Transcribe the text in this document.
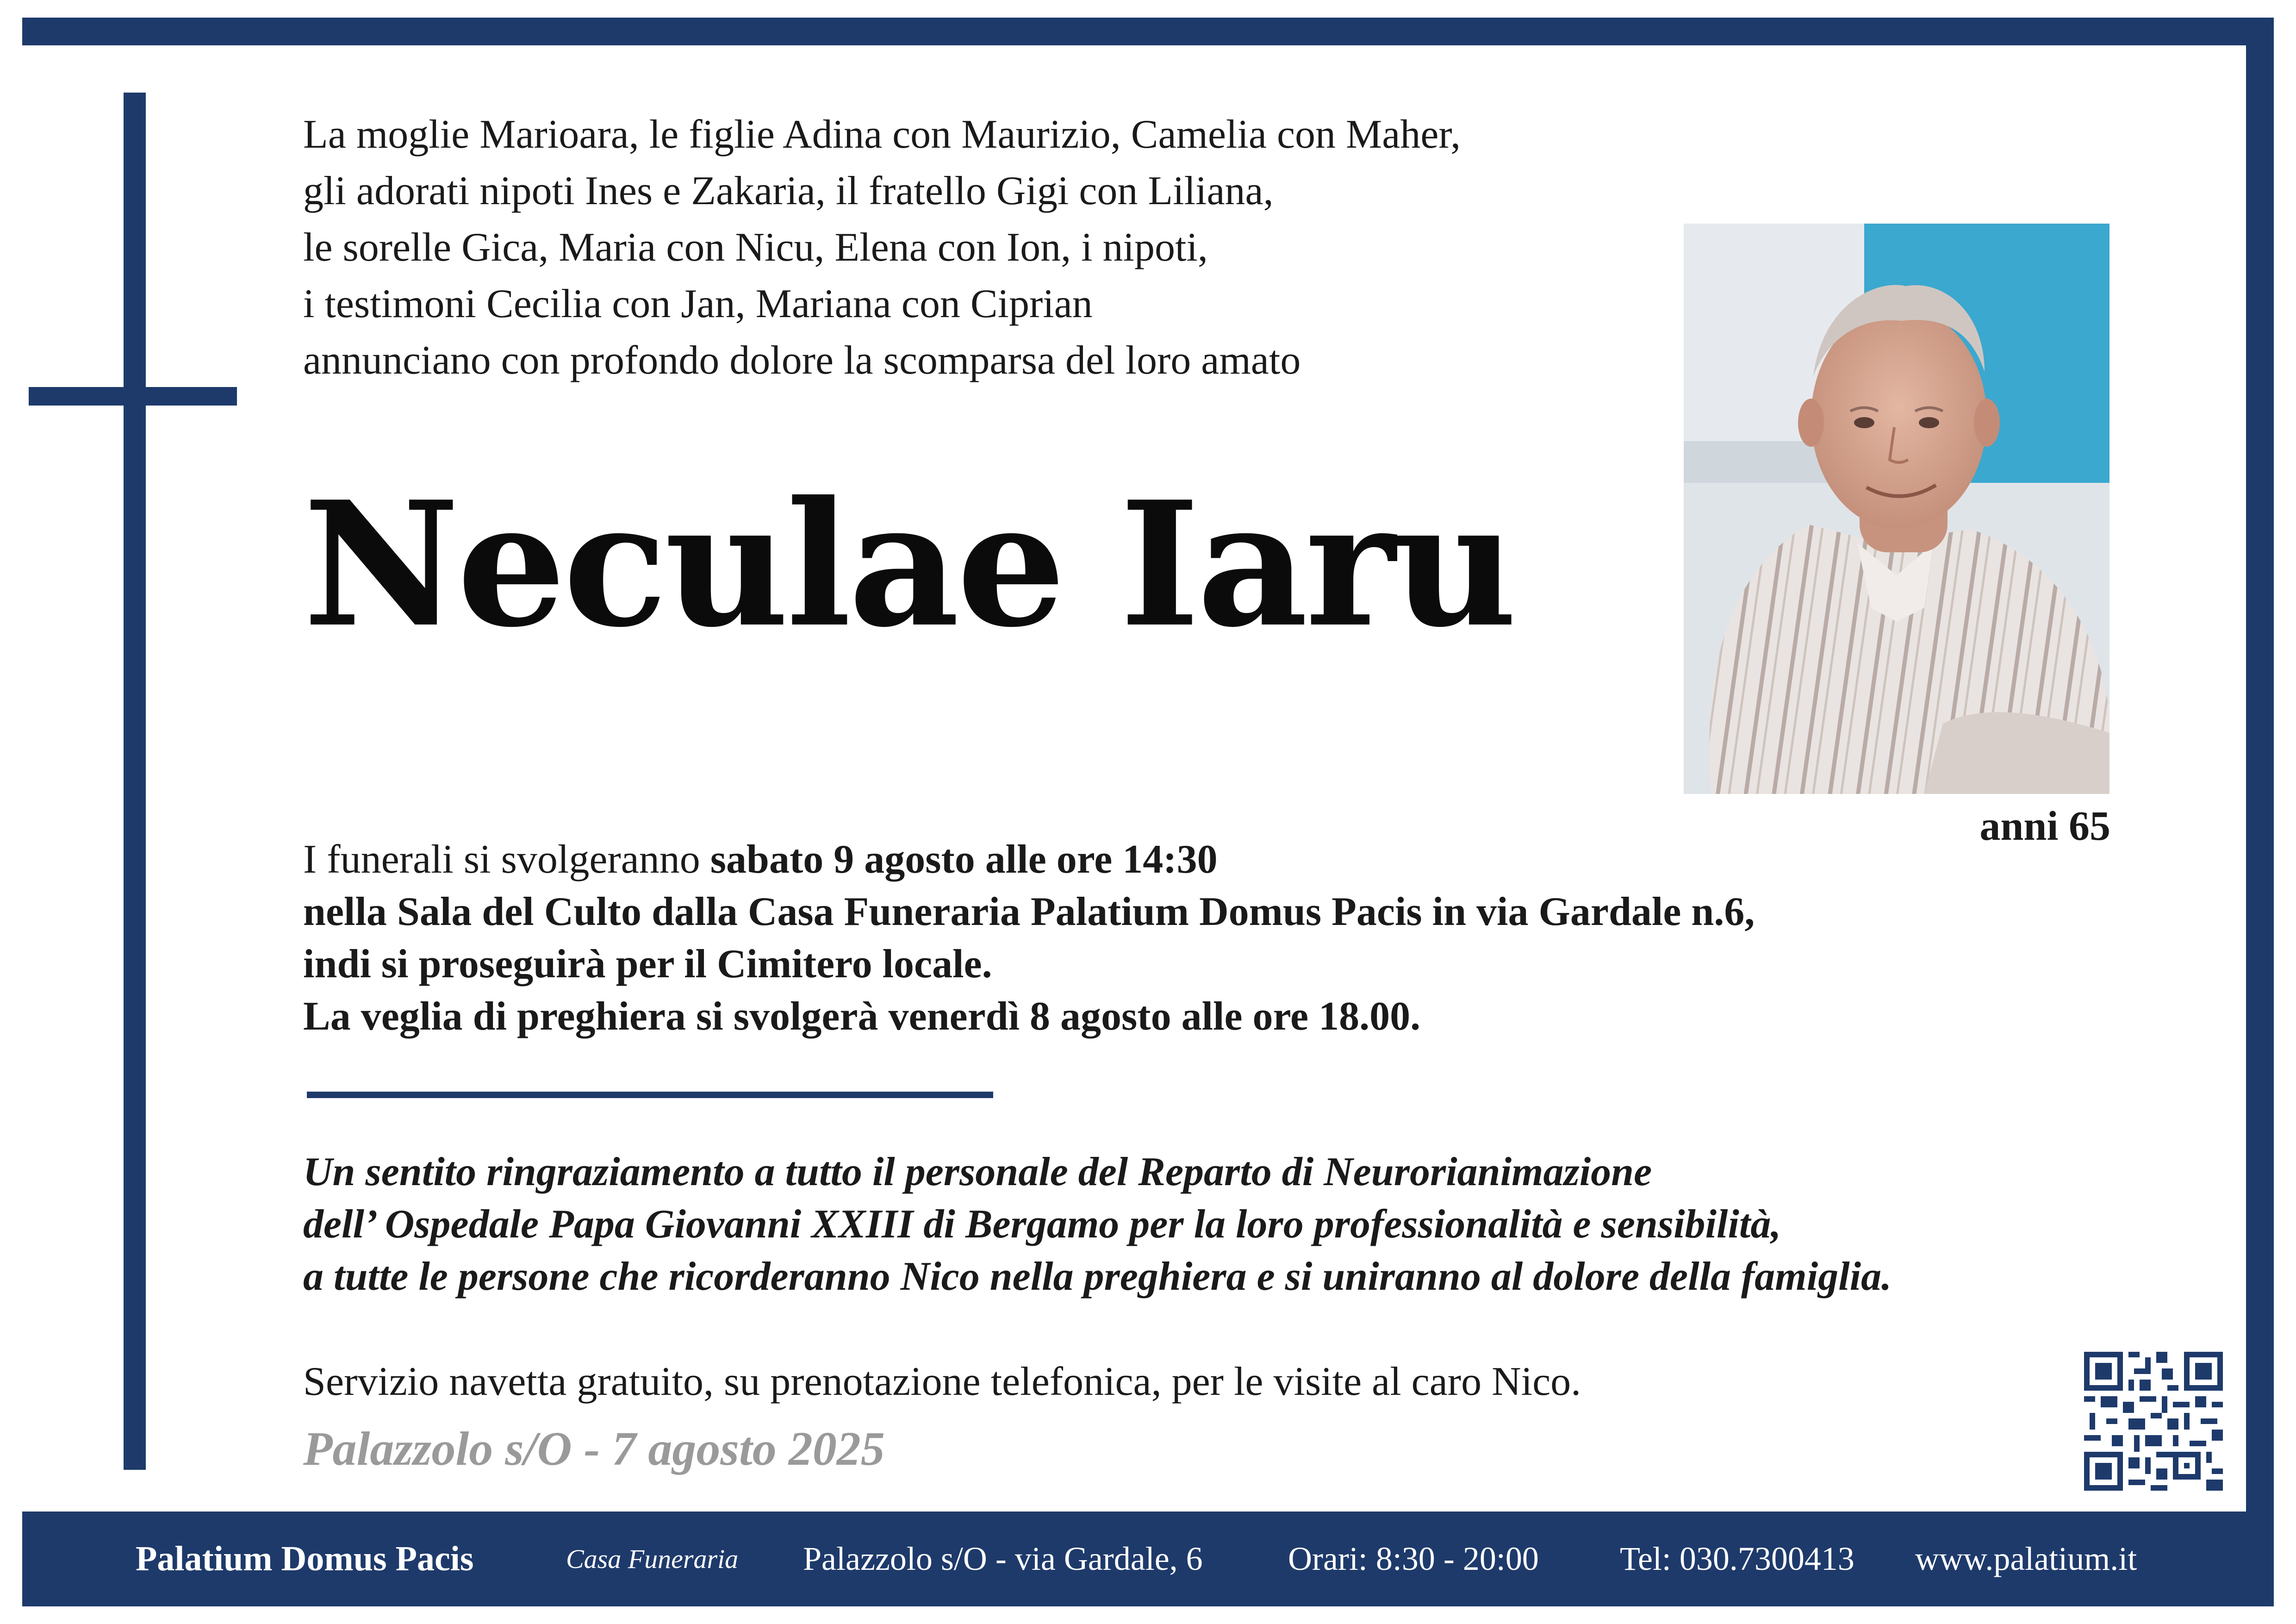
La moglie Marioara, le figlie Adina con Maurizio, Camelia con Maher,
gli adorati nipoti Ines e Zakaria, il fratello Gigi con Liliana,
le sorelle Gica, Maria con Nicu, Elena con Ion, i nipoti,
i testimoni Cecilia con Jan, Mariana con Ciprian
annunciano con profondo dolore la scomparsa del loro amato
Neculae Iaru
anni 65
I funerali si svolgeranno sabato 9 agosto alle ore 14:30
nella Sala del Culto dalla Casa Funeraria Palatium Domus Pacis in via Gardale n.6,
indi si proseguirà per il Cimitero locale.
La veglia di preghiera si svolgerà venerdì 8 agosto alle ore 18.00.
Un sentito ringraziamento a tutto il personale del Reparto di Neurorianimazione
dell’ Ospedale Papa Giovanni XXIII di Bergamo per la loro professionalità e sensibilità,
a tutte le persone che ricorderanno Nico nella preghiera e si uniranno al dolore della famiglia.
Servizio navetta gratuito, su prenotazione telefonica, per le visite al caro Nico.
Palazzolo s/O - 7 agosto 2025
Palatium Domus Pacis	Casa Funeraria Palazzolo s/O - via Gardale, 6	Orari: 8:30 - 20:00 Tel: 030.7300413 www.palatium.it
